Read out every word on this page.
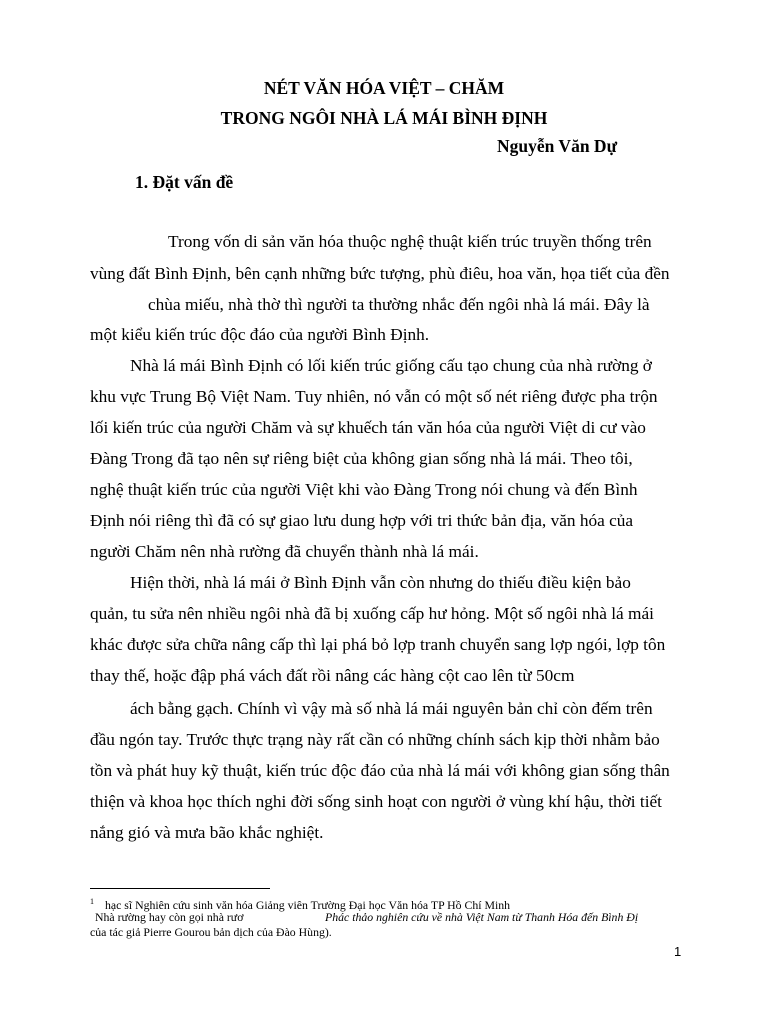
NÉT VĂN HÓA VIỆT – CHĂM
TRONG NGÔI NHÀ LÁ MÁI BÌNH ĐỊNH
Nguyễn Văn Dự
1. Đặt vấn đề
Trong vốn di sản văn hóa thuộc nghệ thuật kiến trúc truyền thống trên
vùng đất Bình Định, bên cạnh những bức tượng, phù điêu, hoa văn, họa tiết của đền
chùa miếu, nhà thờ thì người ta thường nhắc đến ngôi nhà lá mái. Đây là
một kiểu kiến trúc độc đáo của người Bình Định.
Nhà lá mái Bình Định có lối kiến trúc giống cấu tạo chung của nhà rường ở
khu vực Trung Bộ Việt Nam. Tuy nhiên, nó vẫn có một số nét riêng được pha trộn
lối kiến trúc của người Chăm và sự khuếch tán văn hóa của người Việt di cư vào
Đàng Trong đã tạo nên sự riêng biệt của không gian sống nhà lá mái. Theo tôi,
nghệ thuật kiến trúc của người Việt khi vào Đàng Trong nói chung và đến Bình
Định nói riêng thì đã có sự giao lưu dung hợp với tri thức bản địa, văn hóa của
người Chăm nên nhà rường đã chuyển thành nhà lá mái.
Hiện thời, nhà lá mái ở Bình Định vẫn còn nhưng do thiếu điều kiện bảo
quản, tu sửa nên nhiều ngôi nhà đã bị xuống cấp hư hỏng. Một số ngôi nhà lá mái
khác được sửa chữa nâng cấp thì lại phá bỏ lợp tranh chuyển sang lợp ngói, lợp tôn
thay thế, hoặc đập phá vách đất rồi nâng các hàng cột cao lên từ 50cm
ách bằng gạch. Chính vì vậy mà số nhà lá mái nguyên bản chỉ còn đếm trên
đầu ngón tay. Trước thực trạng này rất cần có những chính sách kịp thời nhằm bảo
tồn và phát huy kỹ thuật, kiến trúc độc đáo của nhà lá mái với không gian sống thân
thiện và khoa học thích nghi đời sống sinh hoạt con người ở vùng khí hậu, thời tiết
nắng gió và mưa bão khắc nghiệt.
$^1$ hạc sĩ Nghiên cứu sinh văn hóa Giảng viên Trường Đại học Văn hóa TP Hồ Chí Minh
Nhà rường hay còn gọi nhà rươ	Phác thảo nghiên cứu về nhà Việt Nam từ Thanh Hóa đến Bình Đị
của tác giả Pierre Gourou bản dịch của Đào Hùng).
1
